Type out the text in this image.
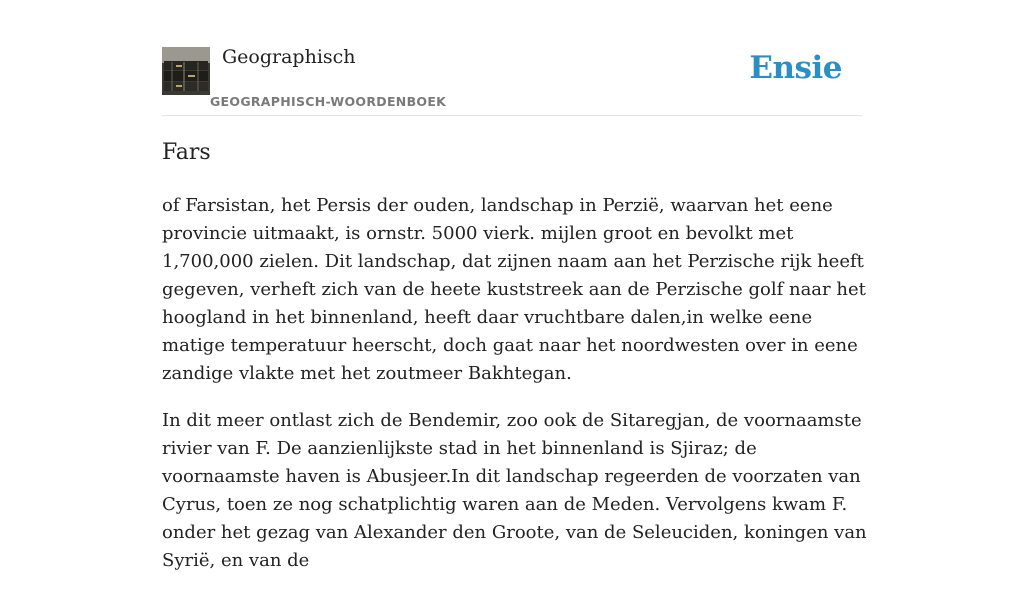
Geographisch
GEOGRAPHISCH-WOORDENBOEK
Ensie
Fars

of Farsistan, het Persis der ouden, landschap in Perzië, waarvan het eene provincie uitmaakt, is ornstr. 5000 vierk. mijlen groot en bevolkt met 1,700,000 zielen. Dit landschap, dat zijnen naam aan het Perzische rijk heeft gegeven, verheft zich van de heete kuststreek aan de Perzische golf naar het hoogland in het binnenland, heeft daar vruchtbare dalen,in welke eene matige temperatuur heerscht, doch gaat naar het noordwesten over in eene zandige vlakte met het zoutmeer Bakhtegan.

In dit meer ontlast zich de Bendemir, zoo ook de Sitaregjan, de voornaamste rivier van F. De aanzienlijkste stad in het binnenland is Sjiraz; de voornaamste haven is Abusjeer.In dit landschap regeerden de voorzaten van Cyrus, toen ze nog schatplichtig waren aan de Meden. Vervolgens kwam F. onder het gezag van Alexander den Groote, van de Seleuciden, koningen van Syrië, en van de
